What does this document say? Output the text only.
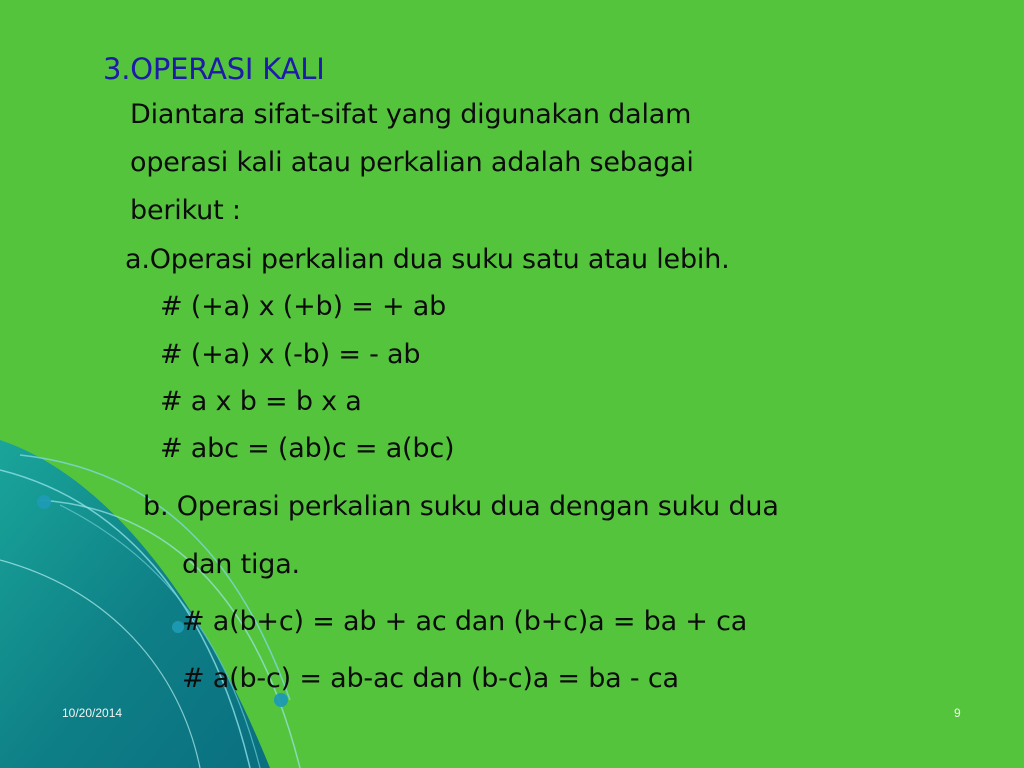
3.OPERASI KALI
Diantara sifat-sifat yang digunakan dalam
operasi kali atau perkalian adalah sebagai
berikut :
a.Operasi perkalian dua suku satu atau lebih.
# (+a) x (+b) = + ab
# (+a) x (-b) = - ab
# a x b = b x a
# abc = (ab)c = a(bc)
b. Operasi perkalian suku dua dengan suku dua
dan tiga.
# a(b+c) = ab + ac dan (b+c)a = ba + ca
# a(b-c) = ab-ac dan (b-c)a = ba - ca
10/20/2014	9
